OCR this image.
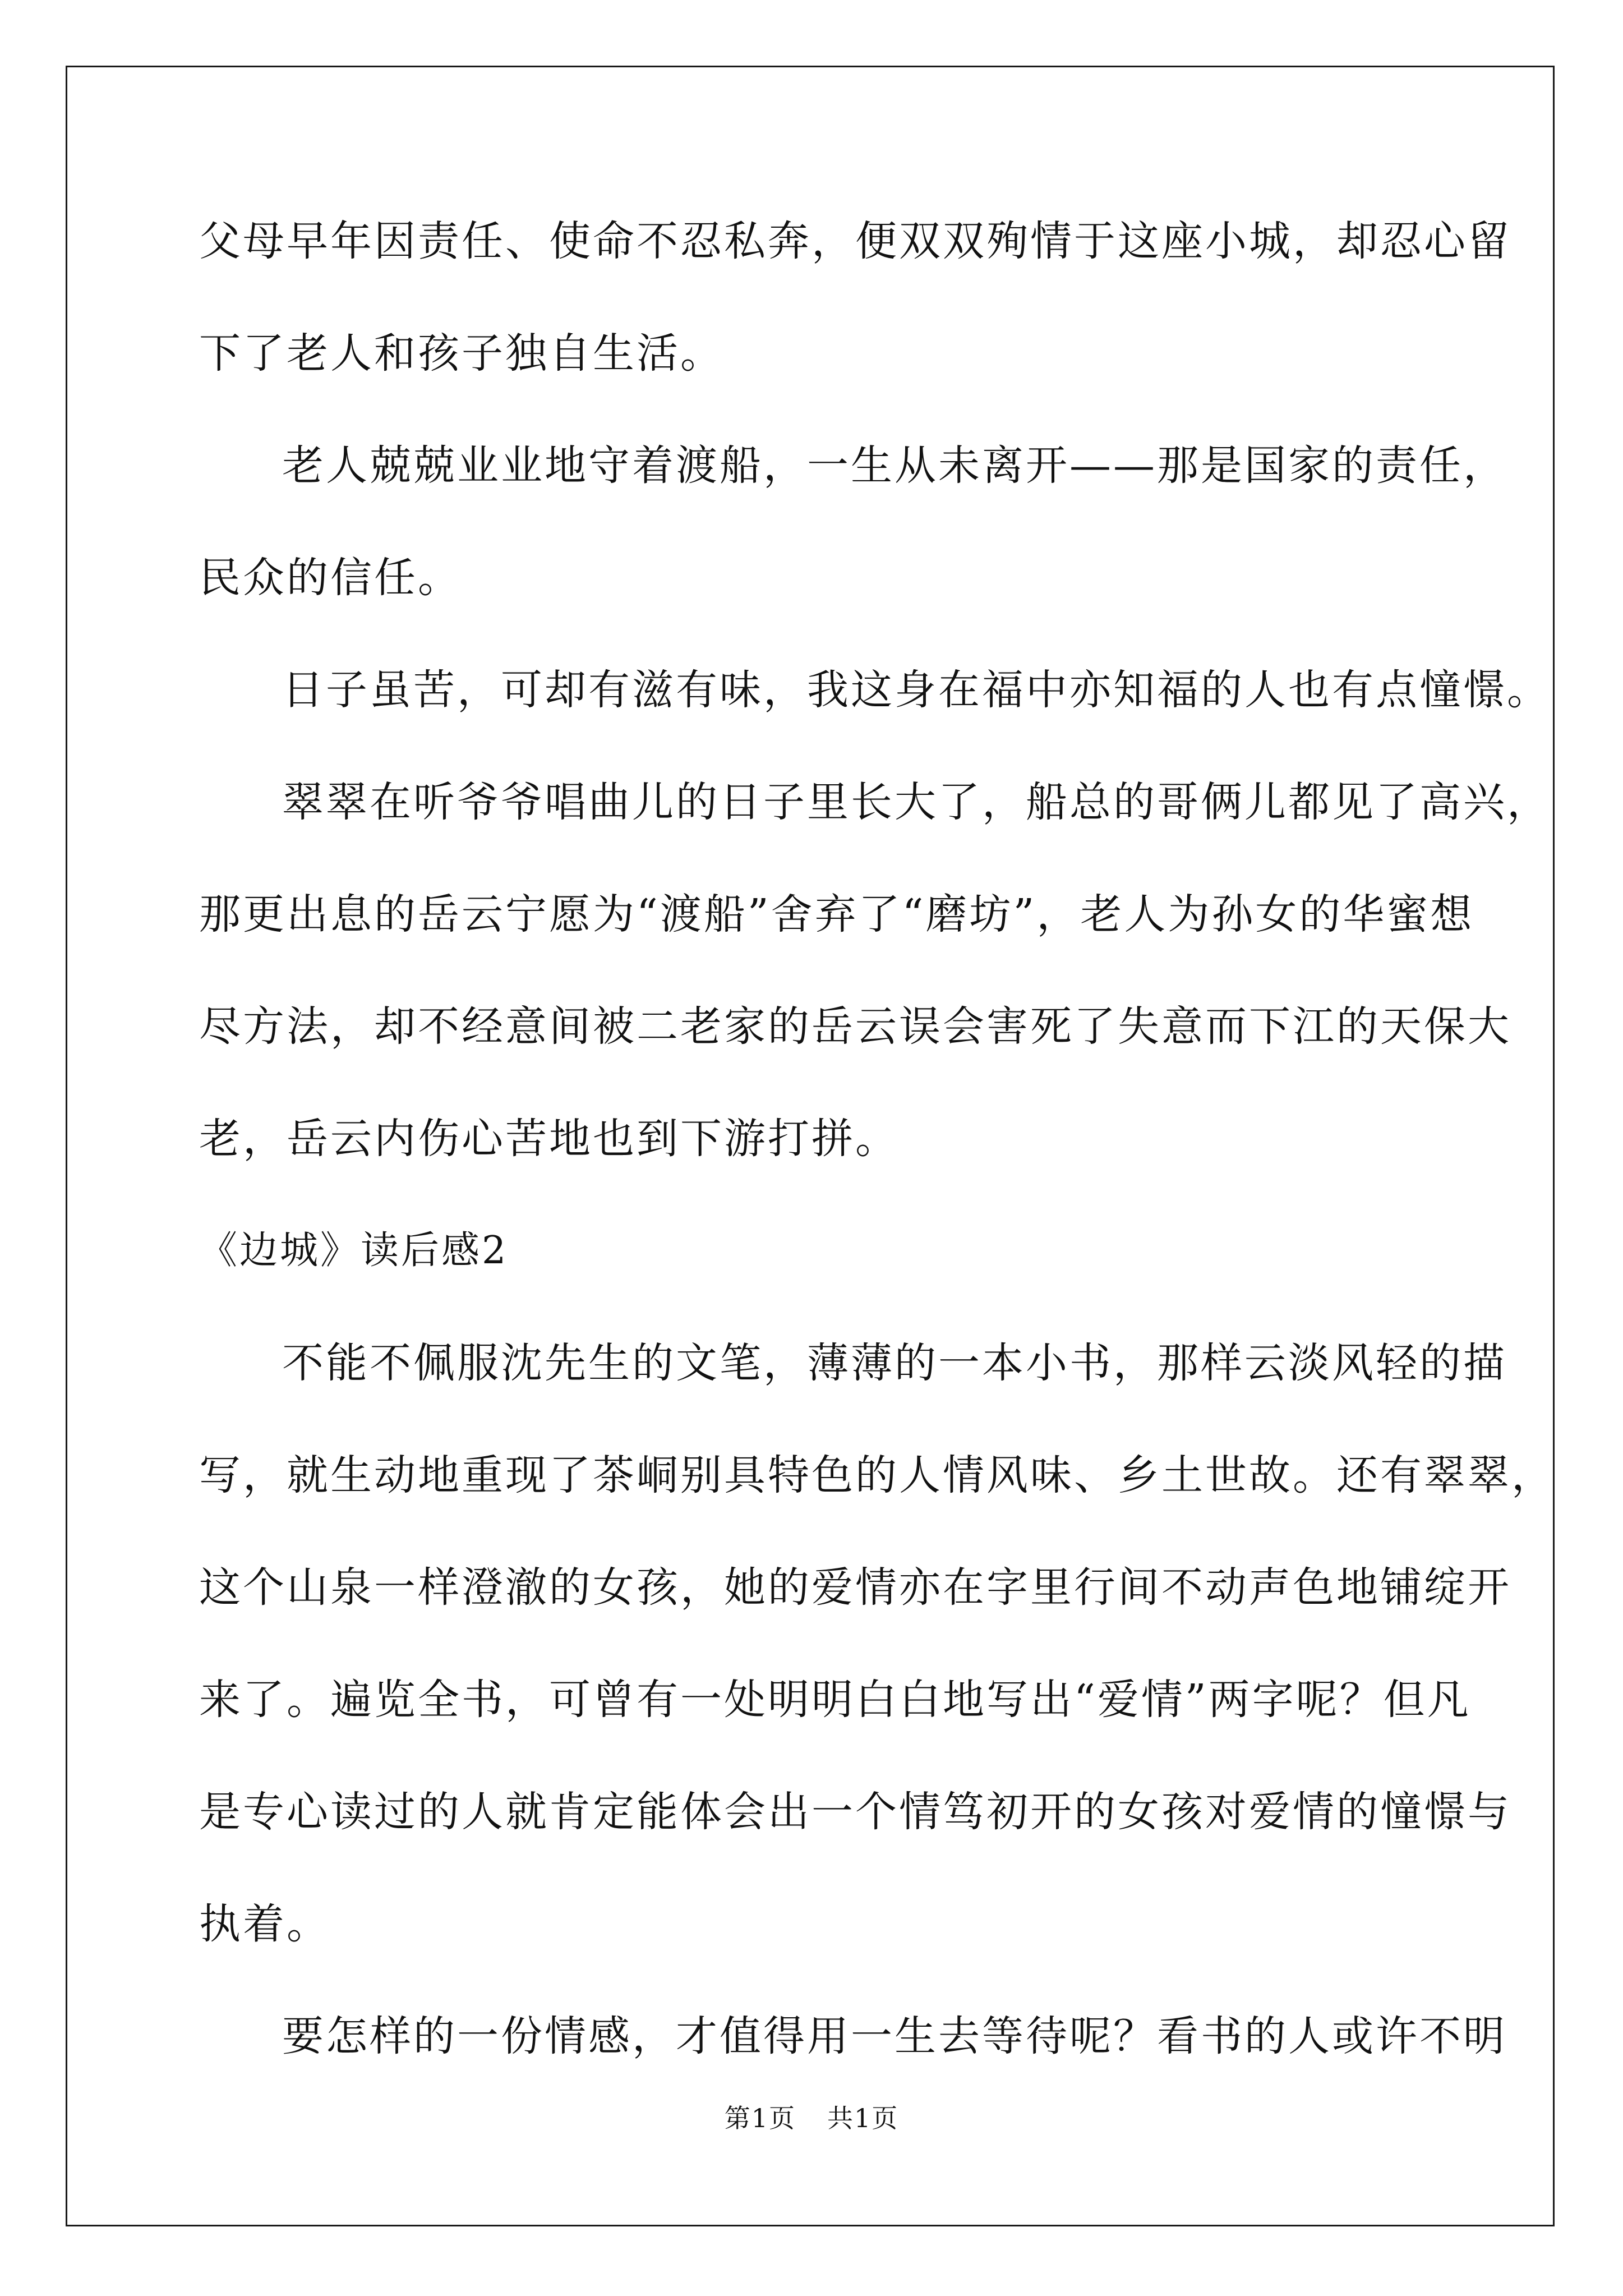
父母早年因责任、使命不忍私奔，便双双殉情于这座小城，却忍心留
下了老人和孩子独自生活。
老人兢兢业业地守着渡船，一生从未离开——那是国家的责任，
民众的信任。
日子虽苦，可却有滋有味，我这身在福中亦知福的人也有点憧憬。
翠翠在听爷爷唱曲儿的日子里长大了，船总的哥俩儿都见了高兴，
那更出息的岳云宁愿为“渡船”舍弃了“磨坊”，老人为孙女的华蜜想
尽方法，却不经意间被二老家的岳云误会害死了失意而下江的天保大
老，岳云内伤心苦地也到下游打拼。
《边城》读后感2
不能不佩服沈先生的文笔，薄薄的一本小书，那样云淡风轻的描
写，就生动地重现了茶峒别具特色的人情风味、乡土世故。还有翠翠，
这个山泉一样澄澈的女孩，她的爱情亦在字里行间不动声色地铺绽开
来了。遍览全书，可曾有一处明明白白地写出“爱情”两字呢？但凡
是专心读过的人就肯定能体会出一个情笃初开的女孩对爱情的憧憬与
执着。
要怎样的一份情感，才值得用一生去等待呢？看书的人或许不明
第1页 共1页
